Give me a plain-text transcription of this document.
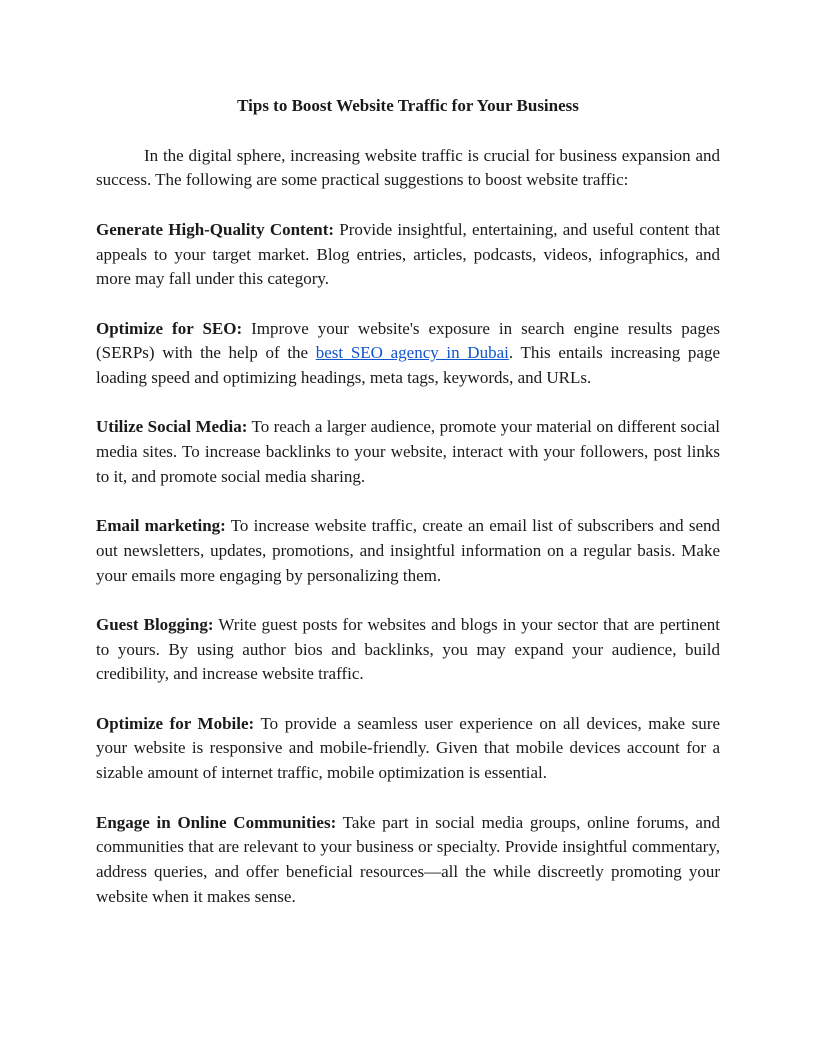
Tips to Boost Website Traffic for Your Business

In the digital sphere, increasing website traffic is crucial for business expansion and success. The following are some practical suggestions to boost website traffic:

Generate High-Quality Content: Provide insightful, entertaining, and useful content that appeals to your target market. Blog entries, articles, podcasts, videos, infographics, and more may fall under this category.

Optimize for SEO: Improve your website's exposure in search engine results pages (SERPs) with the help of the best SEO agency in Dubai. This entails increasing page loading speed and optimizing headings, meta tags, keywords, and URLs.

Utilize Social Media: To reach a larger audience, promote your material on different social media sites. To increase backlinks to your website, interact with your followers, post links to it, and promote social media sharing.

Email marketing: To increase website traffic, create an email list of subscribers and send out newsletters, updates, promotions, and insightful information on a regular basis. Make your emails more engaging by personalizing them.

Guest Blogging: Write guest posts for websites and blogs in your sector that are pertinent to yours. By using author bios and backlinks, you may expand your audience, build credibility, and increase website traffic.

Optimize for Mobile: To provide a seamless user experience on all devices, make sure your website is responsive and mobile-friendly. Given that mobile devices account for a sizable amount of internet traffic, mobile optimization is essential.

Engage in Online Communities: Take part in social media groups, online forums, and communities that are relevant to your business or specialty. Provide insightful commentary, address queries, and offer beneficial resources—all the while discreetly promoting your website when it makes sense.
